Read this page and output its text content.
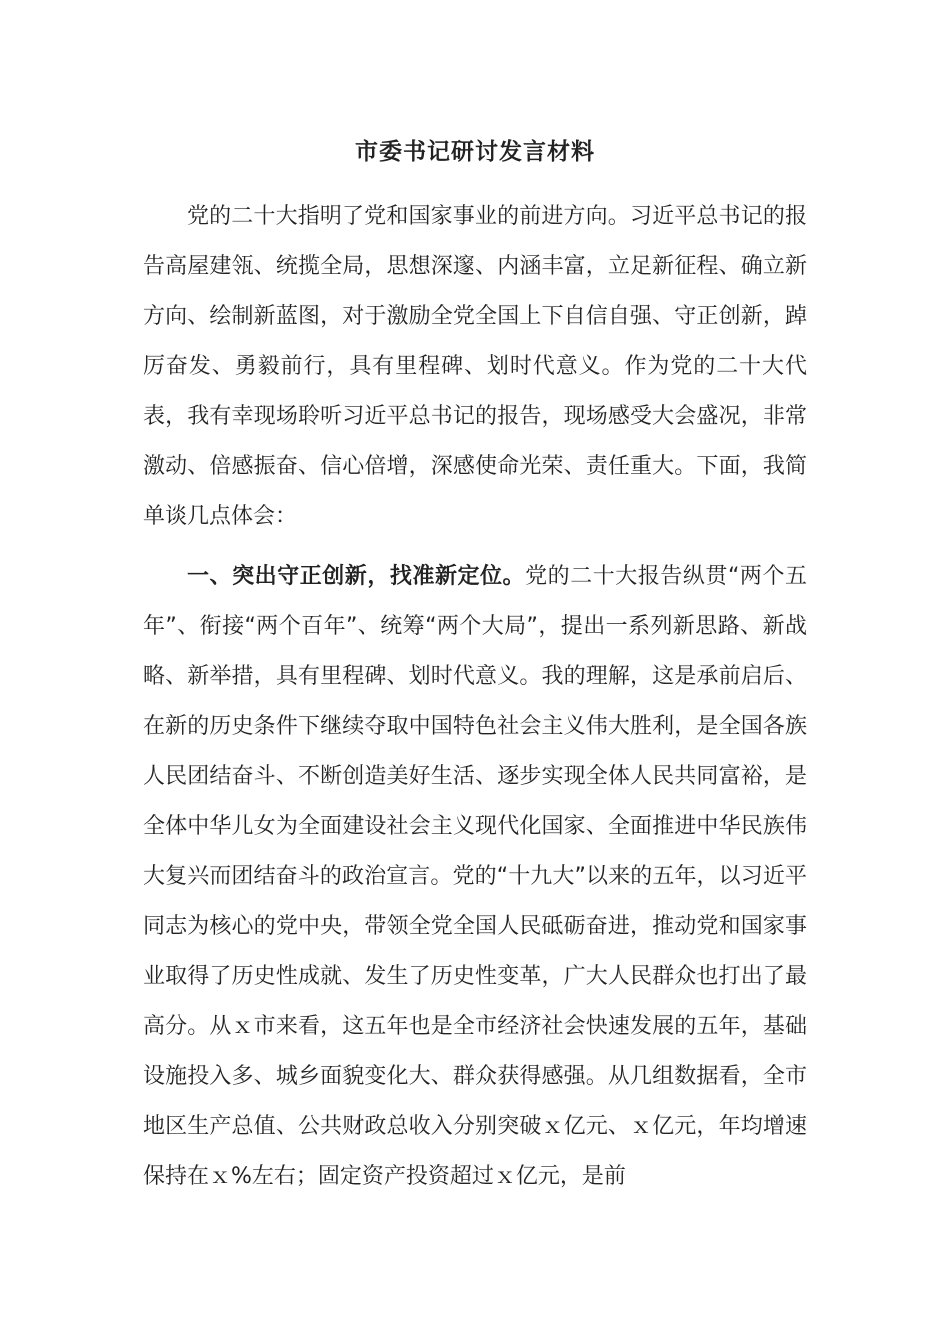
市委书记研讨发言材料

党的二十大指明了党和国家事业的前进方向。习近平总书记的报告高屋建瓴、统揽全局，思想深邃、内涵丰富，立足新征程、确立新方向、绘制新蓝图，对于激励全党全国上下自信自强、守正创新，踔厉奋发、勇毅前行，具有里程碑、划时代意义。作为党的二十大代表，我有幸现场聆听习近平总书记的报告，现场感受大会盛况，非常激动、倍感振奋、信心倍增，深感使命光荣、责任重大。下面，我简单谈几点体会：

一、突出守正创新，找准新定位。党的二十大报告纵贯“两个五年”、衔接“两个百年”、统筹“两个大局”，提出一系列新思路、新战略、新举措，具有里程碑、划时代意义。我的理解，这是承前启后、在新的历史条件下继续夺取中国特色社会主义伟大胜利，是全国各族人民团结奋斗、不断创造美好生活、逐步实现全体人民共同富裕，是全体中华儿女为全面建设社会主义现代化国家、全面推进中华民族伟大复兴而团结奋斗的政治宣言。党的“十九大”以来的五年，以习近平同志为核心的党中央，带领全党全国人民砥砺奋进，推动党和国家事业取得了历史性成就、发生了历史性变革，广大人民群众也打出了最高分。从ｘ市来看，这五年也是全市经济社会快速发展的五年，基础设施投入多、城乡面貌变化大、群众获得感强。从几组数据看，全市地区生产总值、公共财政总收入分别突破ｘ亿元、ｘ亿元，年均增速保持在ｘ%左右；固定资产投资超过ｘ亿元，是前
